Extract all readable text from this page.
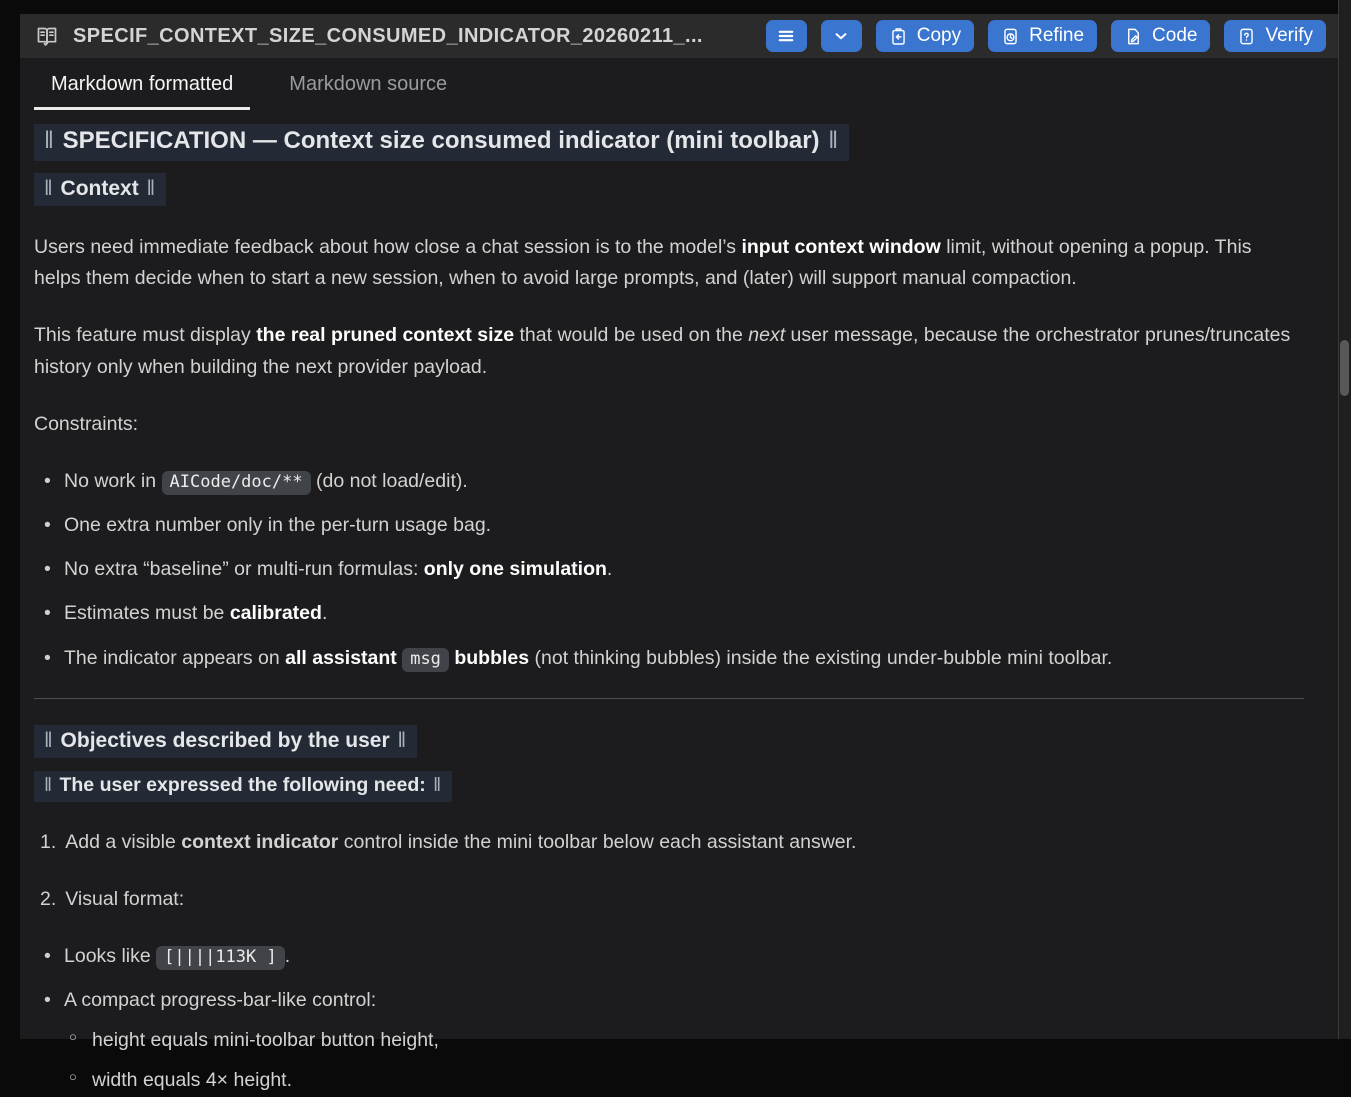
SPECIF_CONTEXT_SIZE_CONSUMED_INDICATOR_20260211_...	Copy	Refine	Code	Verify
Markdown formatted	Markdown source
‖ SPECIFICATION — Context size consumed indicator (mini toolbar) ‖
‖ Context ‖

Users need immediate feedback about how close a chat session is to the model’s input context window limit, without opening a popup. This helps them decide when to start a new session, when to avoid large prompts, and (later) will support manual compaction.

This feature must display the real pruned context size that would be used on the next user message, because the orchestrator prunes/truncates history only when building the next provider payload.

Constraints:

• No work in AICode/doc/** (do not load/edit).
• One extra number only in the per-turn usage bag.
• No extra “baseline” or multi-run formulas: only one simulation.
• Estimates must be calibrated.
• The indicator appears on all assistant msg bubbles (not thinking bubbles) inside the existing under-bubble mini toolbar.
‖ Objectives described by the user ‖
‖ The user expressed the following need: ‖
1. Add a visible context indicator control inside the mini toolbar below each assistant answer.
2. Visual format:
• Looks like [||||113K ] .
• A compact progress-bar-like control:
○ height equals mini-toolbar button height,
○ width equals 4× height.
